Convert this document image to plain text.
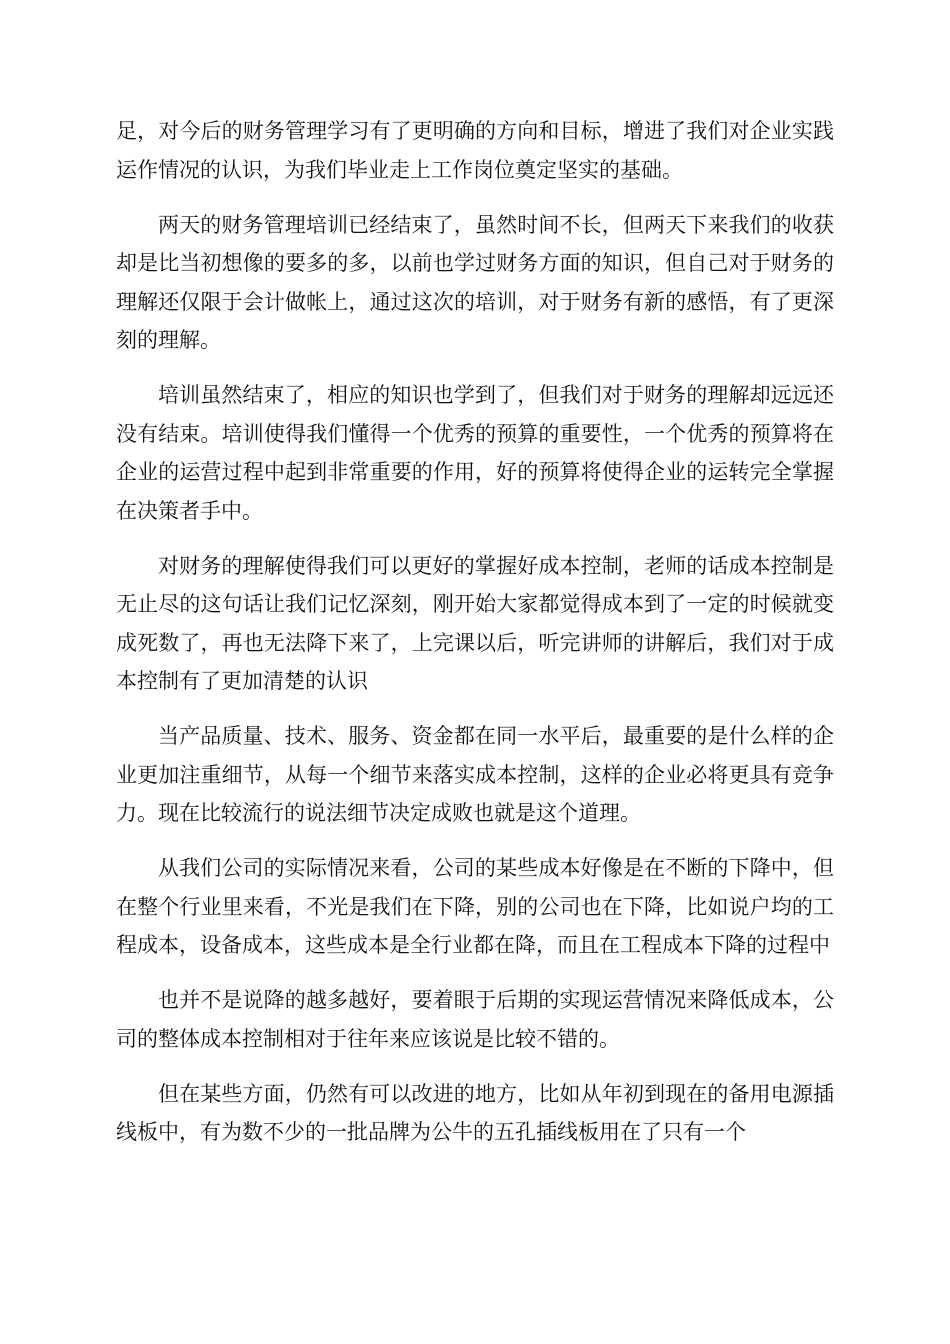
足，对今后的财务管理学习有了更明确的方向和目标，增进了我们对企业实践运作情况的认识，为我们毕业走上工作岗位奠定坚实的基础。

两天的财务管理培训已经结束了，虽然时间不长，但两天下来我们的收获却是比当初想像的要多的多，以前也学过财务方面的知识，但自己对于财务的理解还仅限于会计做帐上，通过这次的培训，对于财务有新的感悟，有了更深刻的理解。

培训虽然结束了，相应的知识也学到了，但我们对于财务的理解却远远还没有结束。培训使得我们懂得一个优秀的预算的重要性，一个优秀的预算将在企业的运营过程中起到非常重要的作用，好的预算将使得企业的运转完全掌握在决策者手中。

对财务的理解使得我们可以更好的掌握好成本控制，老师的话成本控制是无止尽的这句话让我们记忆深刻，刚开始大家都觉得成本到了一定的时候就变成死数了，再也无法降下来了，上完课以后，听完讲师的讲解后，我们对于成本控制有了更加清楚的认识

当产品质量、技术、服务、资金都在同一水平后，最重要的是什么样的企业更加注重细节，从每一个细节来落实成本控制，这样的企业必将更具有竞争力。现在比较流行的说法细节决定成败也就是这个道理。

从我们公司的实际情况来看，公司的某些成本好像是在不断的下降中，但在整个行业里来看，不光是我们在下降，别的公司也在下降，比如说户均的工程成本，设备成本，这些成本是全行业都在降，而且在工程成本下降的过程中

也并不是说降的越多越好，要着眼于后期的实现运营情况来降低成本，公司的整体成本控制相对于往年来应该说是比较不错的。

但在某些方面，仍然有可以改进的地方，比如从年初到现在的备用电源插线板中，有为数不少的一批品牌为公牛的五孔插线板用在了只有一个
